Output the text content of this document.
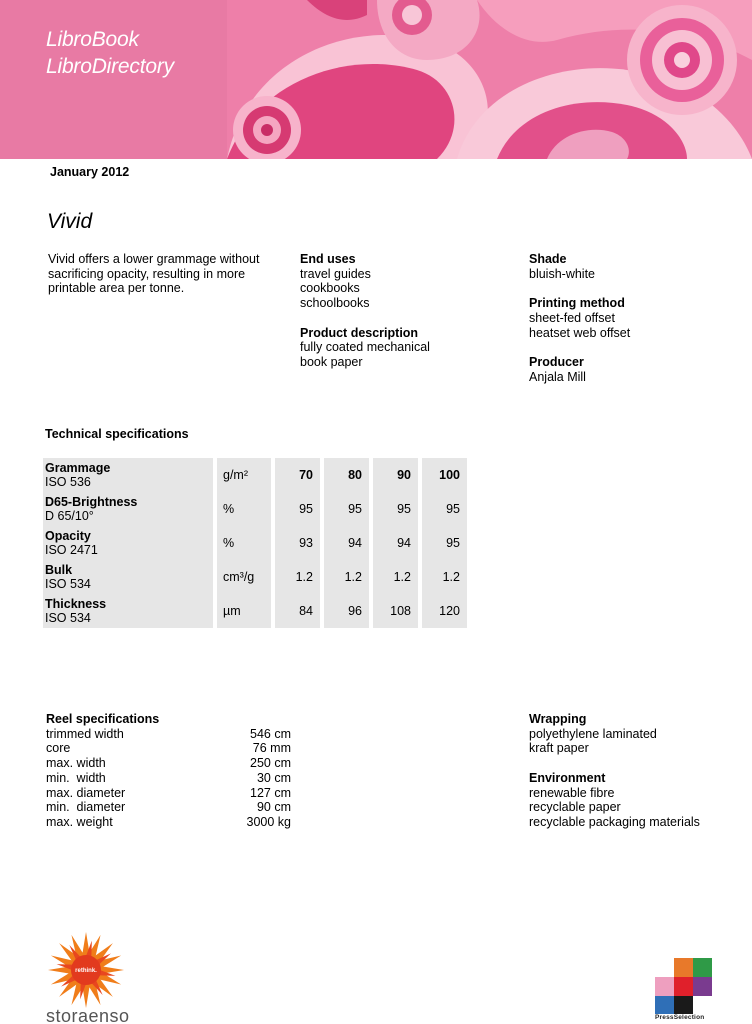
LibroBook
LibroDirectory
January 2012
Vivid
Vivid offers a lower grammage without sacrificing opacity, resulting in more printable area per tonne.
End uses
travel guides
cookbooks
schoolbooks
Product description
fully coated mechanical
book paper
Shade
bluish-white
Printing method
sheet-fed offset
heatset web offset
Producer
Anjala Mill
Technical specifications
Grammage
ISO 536
g/m²	70	80	90	100
D65-Brightness
D 65/10°
%	95	95	95	95
Opacity
ISO 2471
%	93	94	94	95
Bulk
ISO 534
cm³/g	1.2	1.2	1.2	1.2
Thickness
ISO 534
µm	84	96	108	120
Reel specifications
trimmed width	546 cm
core	76 mm
max. width	250 cm
min.  width	30 cm
max. diameter	127 cm
min.  diameter	90 cm
max. weight	3000 kg
Wrapping
polyethylene laminated
kraft paper
Environment
renewable fibre
recyclable paper
recyclable packaging materials
rethink.
storaenso	PressSelection
